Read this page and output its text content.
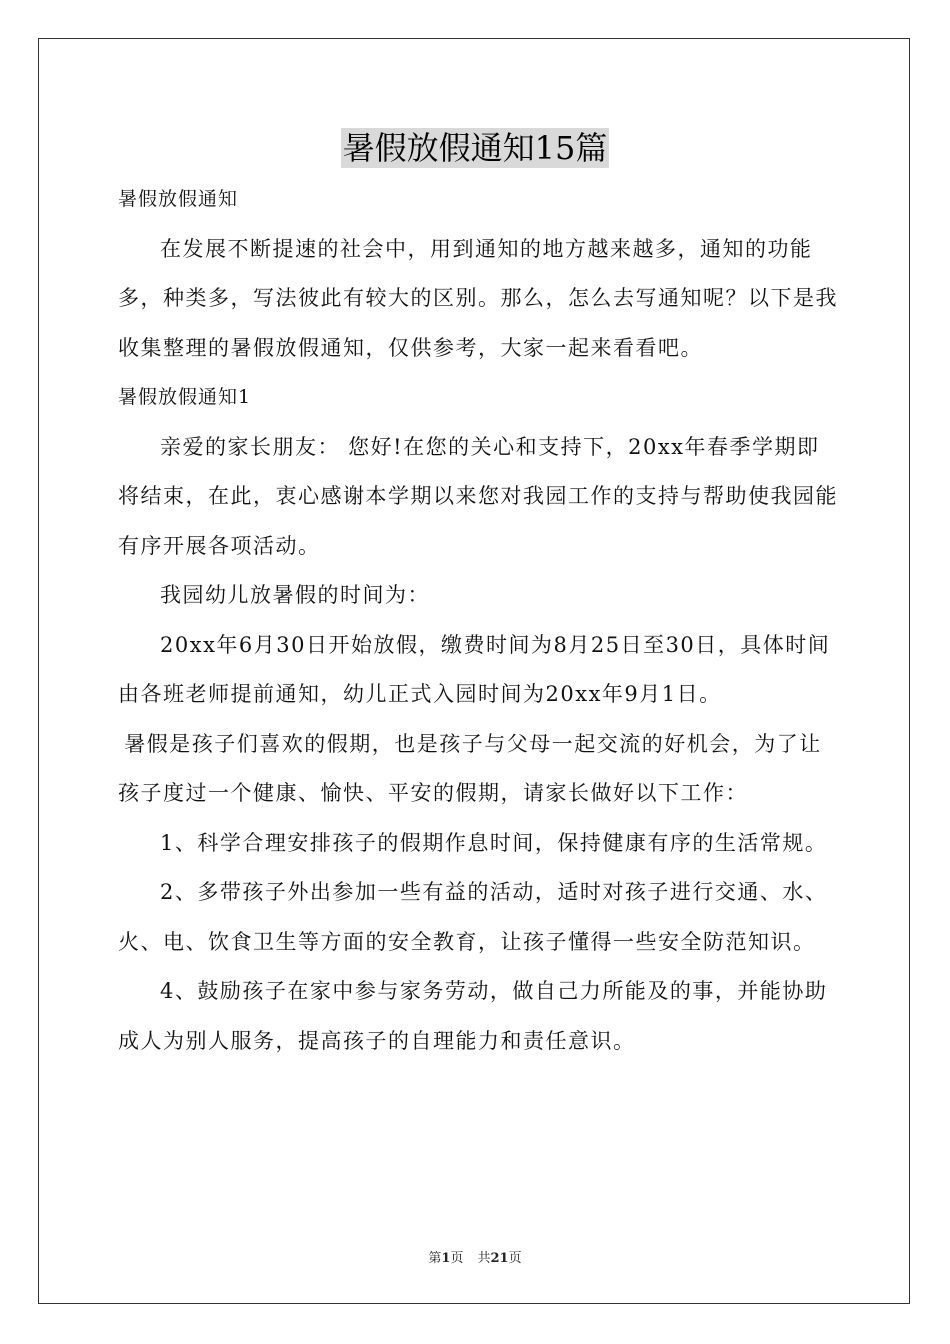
暑假放假通知15篇

暑假放假通知

在发展不断提速的社会中，用到通知的地方越来越多，通知的功能多，种类多，写法彼此有较大的区别。那么，怎么去写通知呢？以下是我收集整理的暑假放假通知，仅供参考，大家一起来看看吧。

暑假放假通知1

亲爱的家长朋友： 您好!在您的关心和支持下，20xx年春季学期即将结束，在此，衷心感谢本学期以来您对我园工作的支持与帮助使我园能有序开展各项活动。

我园幼儿放暑假的时间为：

20xx年6月30日开始放假，缴费时间为8月25日至30日，具体时间由各班老师提前通知，幼儿正式入园时间为20xx年9月1日。

暑假是孩子们喜欢的假期，也是孩子与父母一起交流的好机会，为了让孩子度过一个健康、愉快、平安的假期，请家长做好以下工作：

1、科学合理安排孩子的假期作息时间，保持健康有序的生活常规。

2、多带孩子外出参加一些有益的活动，适时对孩子进行交通、水、火、电、饮食卫生等方面的安全教育，让孩子懂得一些安全防范知识。

4、鼓励孩子在家中参与家务劳动，做自己力所能及的事，并能协助成人为别人服务，提高孩子的自理能力和责任意识。

第1页 共21页
